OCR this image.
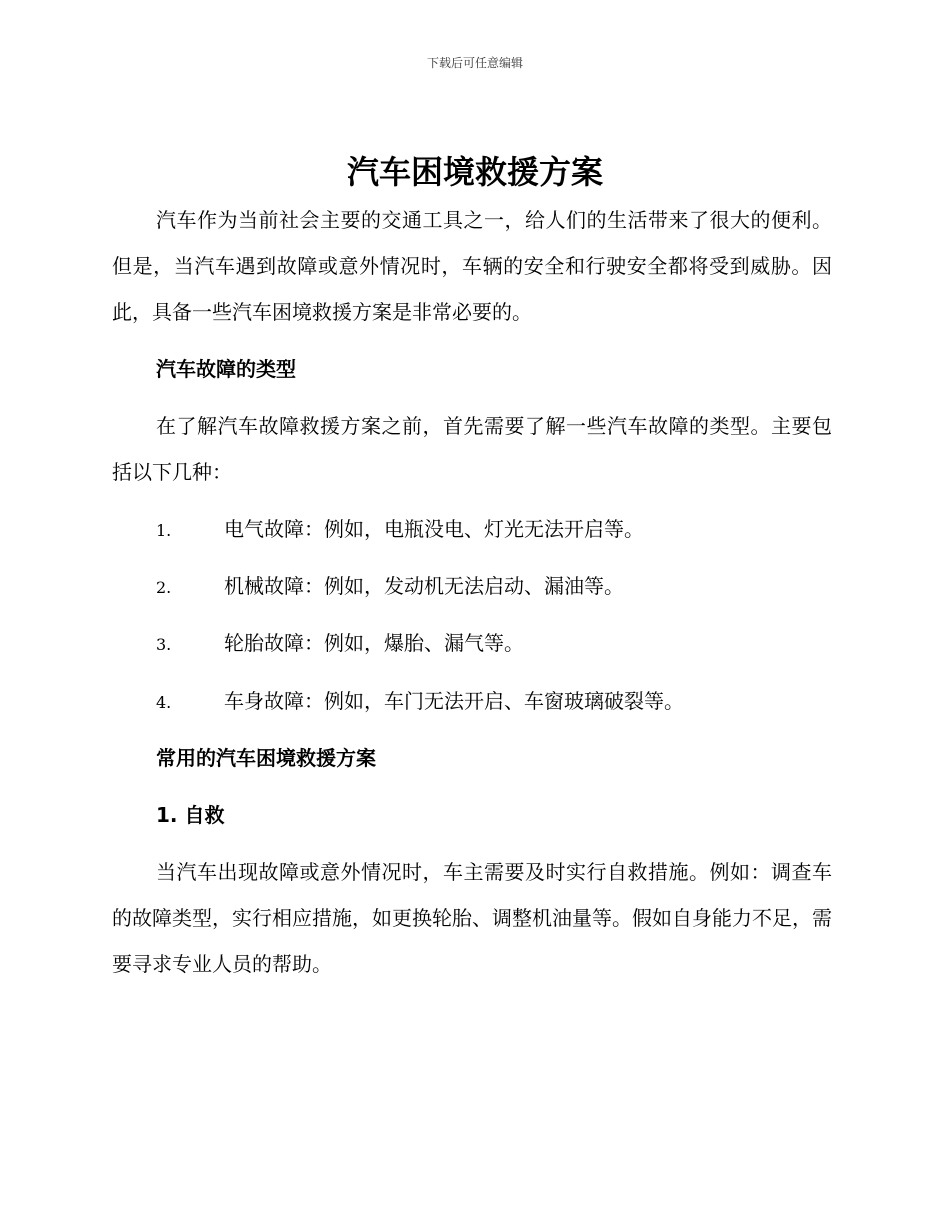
下载后可任意编辑
汽车困境救援方案

汽车作为当前社会主要的交通工具之一，给人们的生活带来了很大的便利。但是，当汽车遇到故障或意外情况时，车辆的安全和行驶安全都将受到威胁。因此，具备一些汽车困境救援方案是非常必要的。

汽车故障的类型

在了解汽车故障救援方案之前，首先需要了解一些汽车故障的类型。主要包括以下几种：

1.	电气故障：例如，电瓶没电、灯光无法开启等。
2.	机械故障：例如，发动机无法启动、漏油等。
3.	轮胎故障：例如，爆胎、漏气等。
4.	车身故障：例如，车门无法开启、车窗玻璃破裂等。
常用的汽车困境救援方案
1. 自救

当汽车出现故障或意外情况时，车主需要及时实行自救措施。例如：调查车的故障类型，实行相应措施，如更换轮胎、调整机油量等。假如自身能力不足，需要寻求专业人员的帮助。
